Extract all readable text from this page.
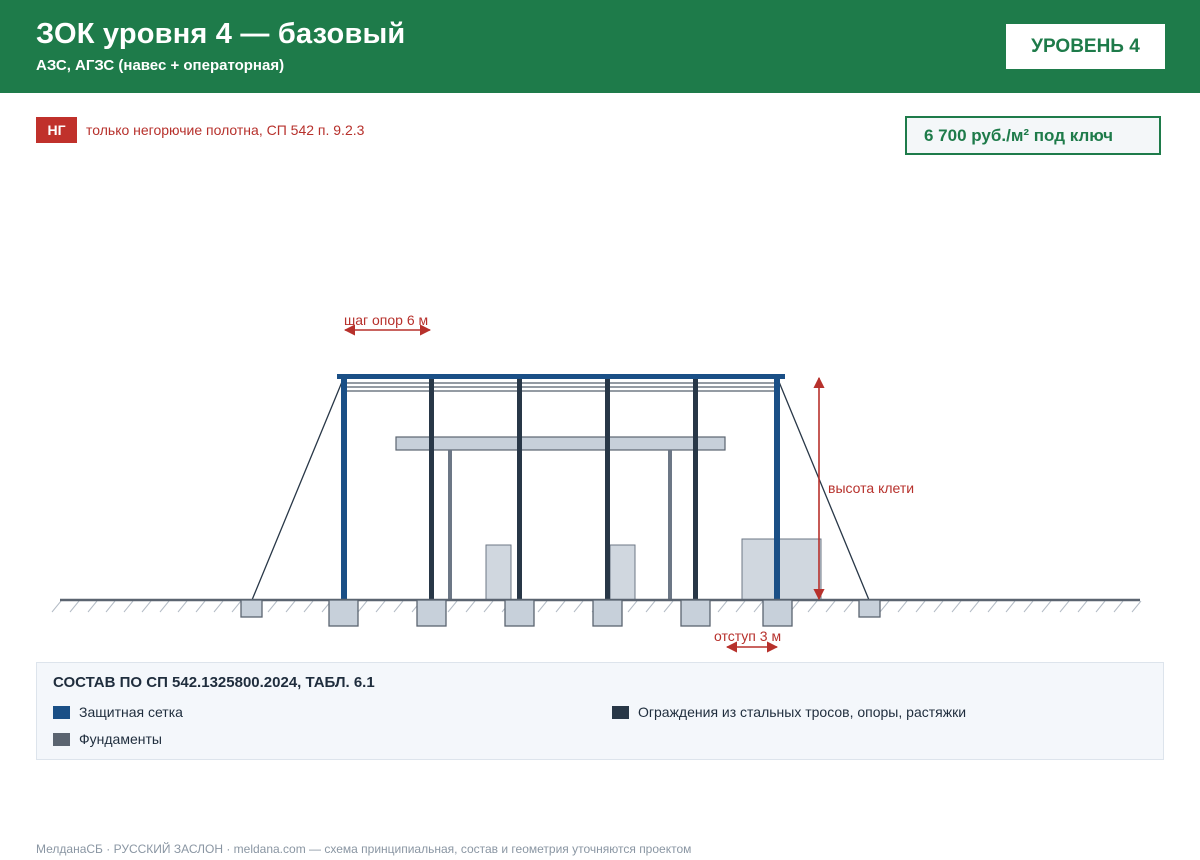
ЗОК уровня 4 — базовый
АЗС, АГЗС (навес + операторная)
УРОВЕНЬ 4
НГ	только негорючие полотна, СП 542 п. 9.2.3	6 700 руб./м² под ключ
шаг опор 6 м
высота клети
отступ 3 м
СОСТАВ ПО СП 542.1325800.2024, ТАБЛ. 6.1
Защитная сетка	Ограждения из стальных тросов, опоры, растяжки
Фундаменты
МелданаСБ · РУССКИЙ ЗАСЛОН · meldana.com — схема принципиальная, состав и геометрия уточняются проектом
